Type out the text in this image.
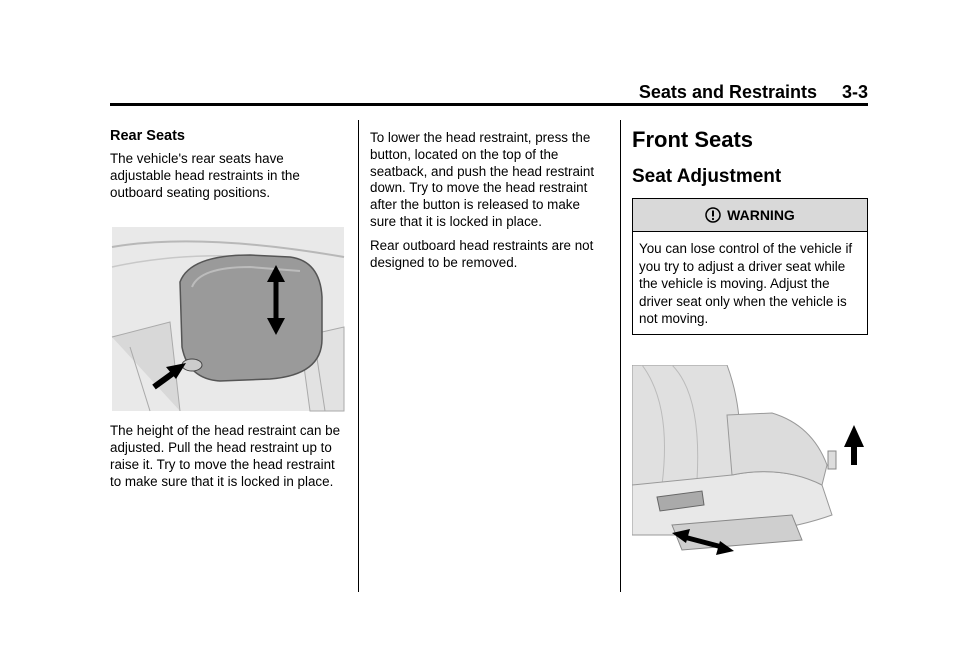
Seats and Restraints     3-3
Rear Seats

The vehicle's rear seats have adjustable head restraints in the outboard seating positions.

The height of the head restraint can be adjusted. Pull the head restraint up to raise it. Try to move the head restraint to make sure that it is locked in place.

To lower the head restraint, press the button, located on the top of the seatback, and push the head restraint down. Try to move the head restraint after the button is released to make sure that it is locked in place.

Rear outboard head restraints are not designed to be removed.

Front Seats
Seat Adjustment
WARNING
You can lose control of the vehicle if you try to adjust a driver seat while the vehicle is moving. Adjust the driver seat only when the vehicle is not moving.
